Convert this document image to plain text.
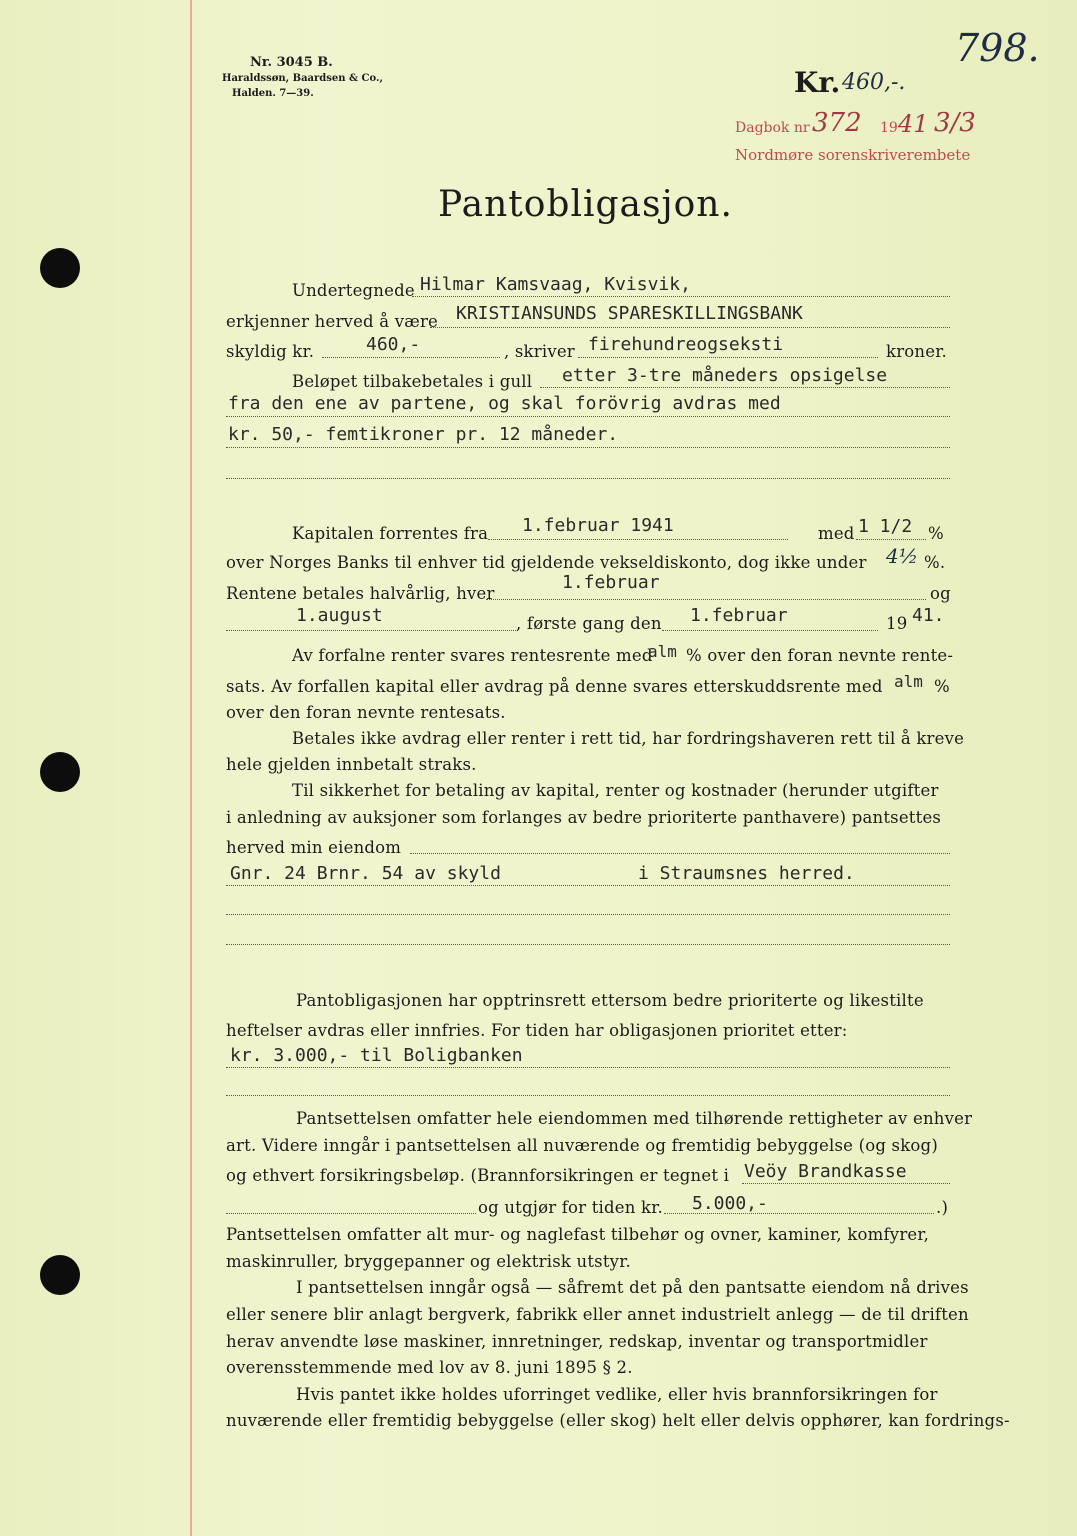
Nr. 3045 B.
Haraldssøn, Baardsen & Co.,
Halden. 7—39.
798.
Kr. 460,-.
Dagbok nr 372 19 41 3/3
Nordmøre sorenskriverembete
Pantobligasjon.
Undertegnede Hilmar Kamsvaag, Kvisvik,
erkjenner herved å være KRISTIANSUNDS SPARESKILLINGSBANK
skyldig kr.	460,-	, skriver firehundreogseksti	kroner.
Beløpet tilbakebetales i gull etter 3-tre måneders opsigelse
fra den ene av partene, og skal forövrig avdras med
kr. 50,- femtikroner pr. 12 måneder.
Kapitalen forrentes fra 1.februar 1941	med 1 1/2 %
over Norges Banks til enhver tid gjeldende vekseldiskonto, dog ikke under 4½ %.
Rentene betales halvårlig, hver
1.februar
og
1.august	, første gang den 1.februar	19 41.
Av forfalne renter svares rentesrente med
alm % over den foran nevnte rente-
sats. Av forfallen kapital eller avdrag på denne svares etterskuddsrente med alm %
over den foran nevnte rentesats.
Betales ikke avdrag eller renter i rett tid, har fordringshaveren rett til å kreve
hele gjelden innbetalt straks.
Til sikkerhet for betaling av kapital, renter og kostnader (herunder utgifter
i anledning av auksjoner som forlanges av bedre prioriterte panthavere) pantsettes
herved min eiendom
Gnr. 24 Brnr. 54 av skyld	i Straumsnes herred.
Pantobligasjonen har opptrinsrett ettersom bedre prioriterte og likestilte
heftelser avdras eller innfries. For tiden har obligasjonen prioritet etter:
kr. 3.000,- til Boligbanken
Pantsettelsen omfatter hele eiendommen med tilhørende rettigheter av enhver
art. Videre inngår i pantsettelsen all nuværende og fremtidig bebyggelse (og skog)
og ethvert forsikringsbeløp. (Brannforsikringen er tegnet i Veöy Brandkasse
og utgjør for tiden kr. 5.000,-	.)
Pantsettelsen omfatter alt mur- og naglefast tilbehør og ovner, kaminer, komfyrer,
maskinruller, bryggepanner og elektrisk utstyr.
I pantsettelsen inngår også — såfremt det på den pantsatte eiendom nå drives
eller senere blir anlagt bergverk, fabrikk eller annet industrielt anlegg — de til driften
herav anvendte løse maskiner, innretninger, redskap, inventar og transportmidler
overensstemmende med lov av 8. juni 1895 § 2.
Hvis pantet ikke holdes uforringet vedlike, eller hvis brannforsikringen for
nuværende eller fremtidig bebyggelse (eller skog) helt eller delvis opphører, kan fordrings-
